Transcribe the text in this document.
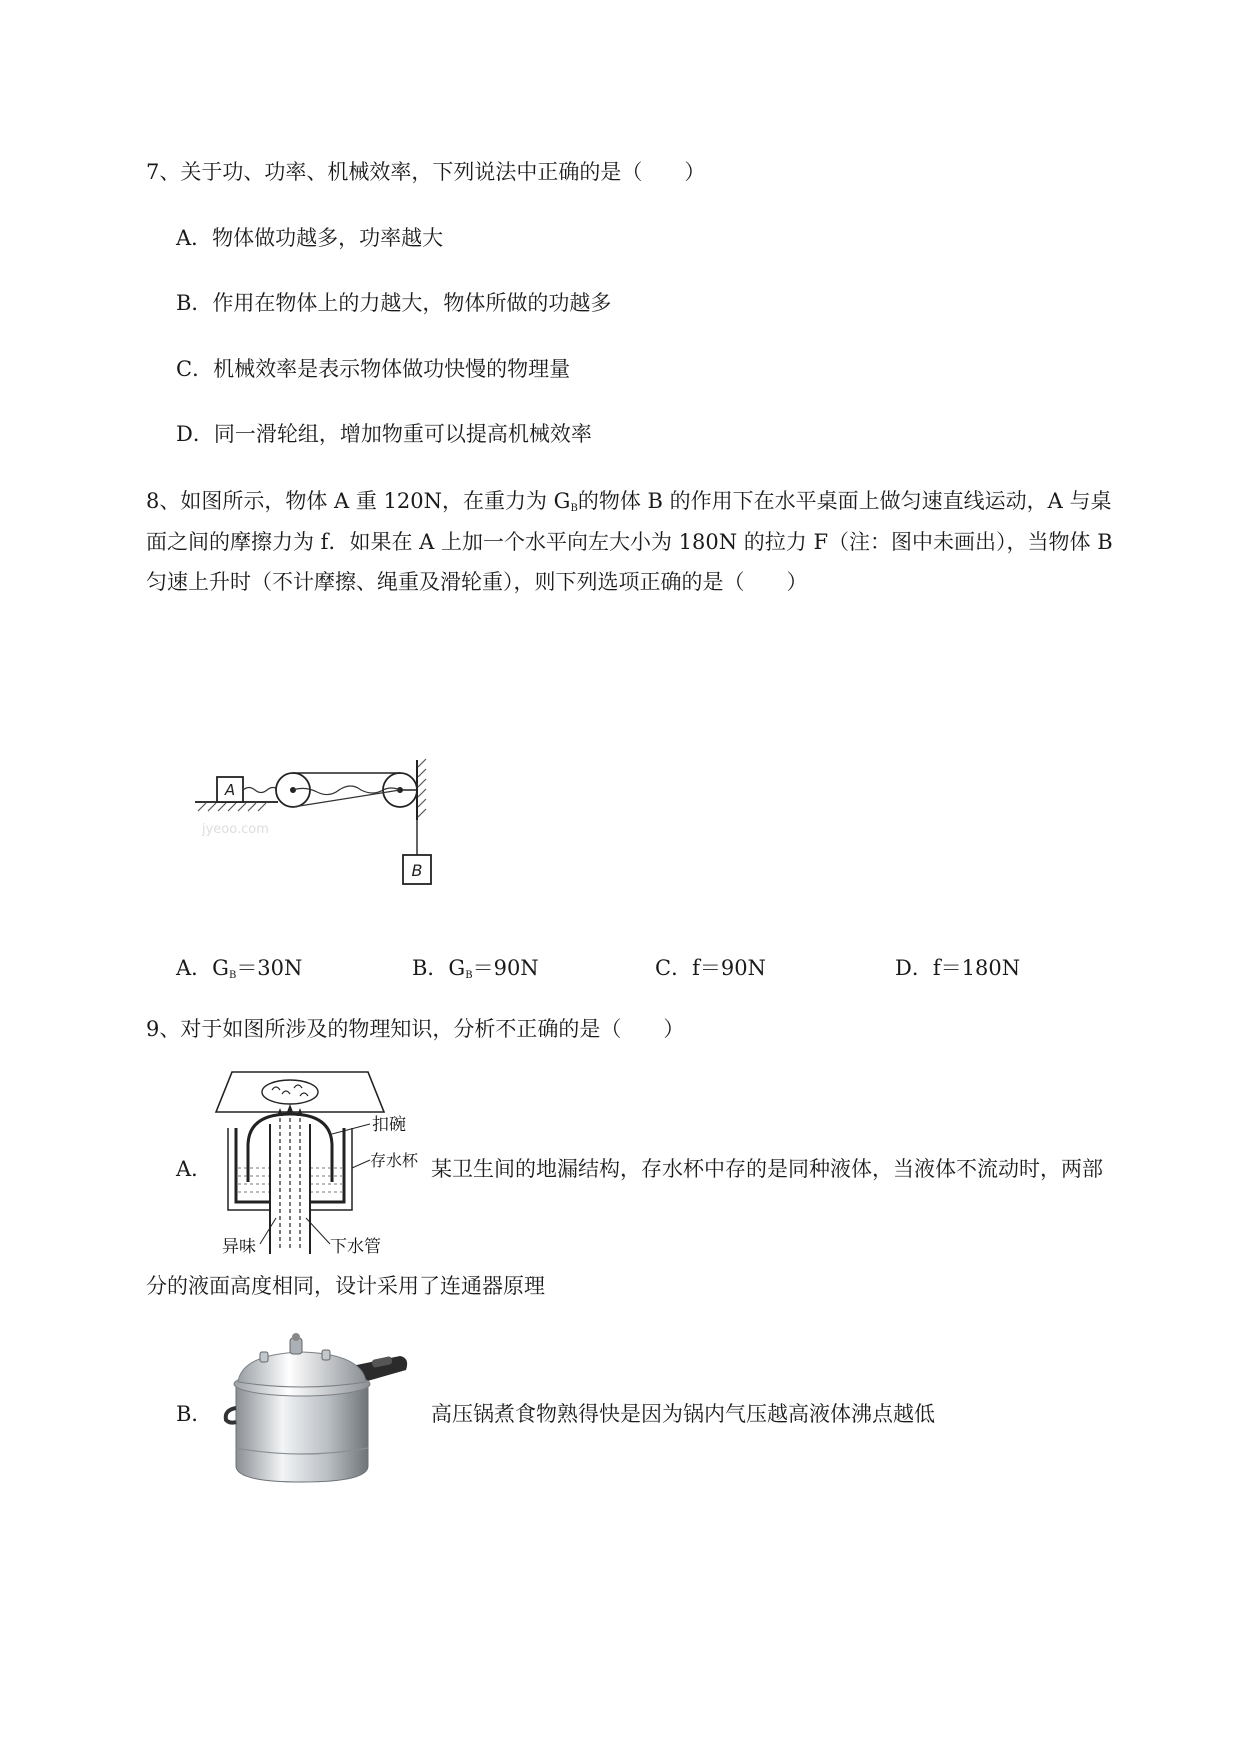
7、关于功、功率、机械效率，下列说法中正确的是（　　）
A．物体做功越多，功率越大
B．作用在物体上的力越大，物体所做的功越多
C．机械效率是表示物体做功快慢的物理量
D．同一滑轮组，增加物重可以提高机械效率
8、如图所示，物体 A 重 120N，在重力为 $G_B$的物体 B 的作用下在水平桌面上做匀速直线运动，A 与桌
面之间的摩擦力为 f．如果在 A 上加一个水平向左大小为 180N 的拉力 F（注：图中未画出），当物体 B
匀速上升时（不计摩擦、绳重及滑轮重），则下列选项正确的是（　　）
A
B
jyeoo.com
A．$G_B=30N$	B．$G_B=90N$	C．f＝90N	D．f＝180N
9、对于如图所涉及的物理知识，分析不正确的是（　　）
A．
扣碗
存水杯
异味	下水管
某卫生间的地漏结构，存水杯中存的是同种液体，当液体不流动时，两部
分的液面高度相同，设计采用了连通器原理
B．	高压锅煮食物熟得快是因为锅内气压越高液体沸点越低
